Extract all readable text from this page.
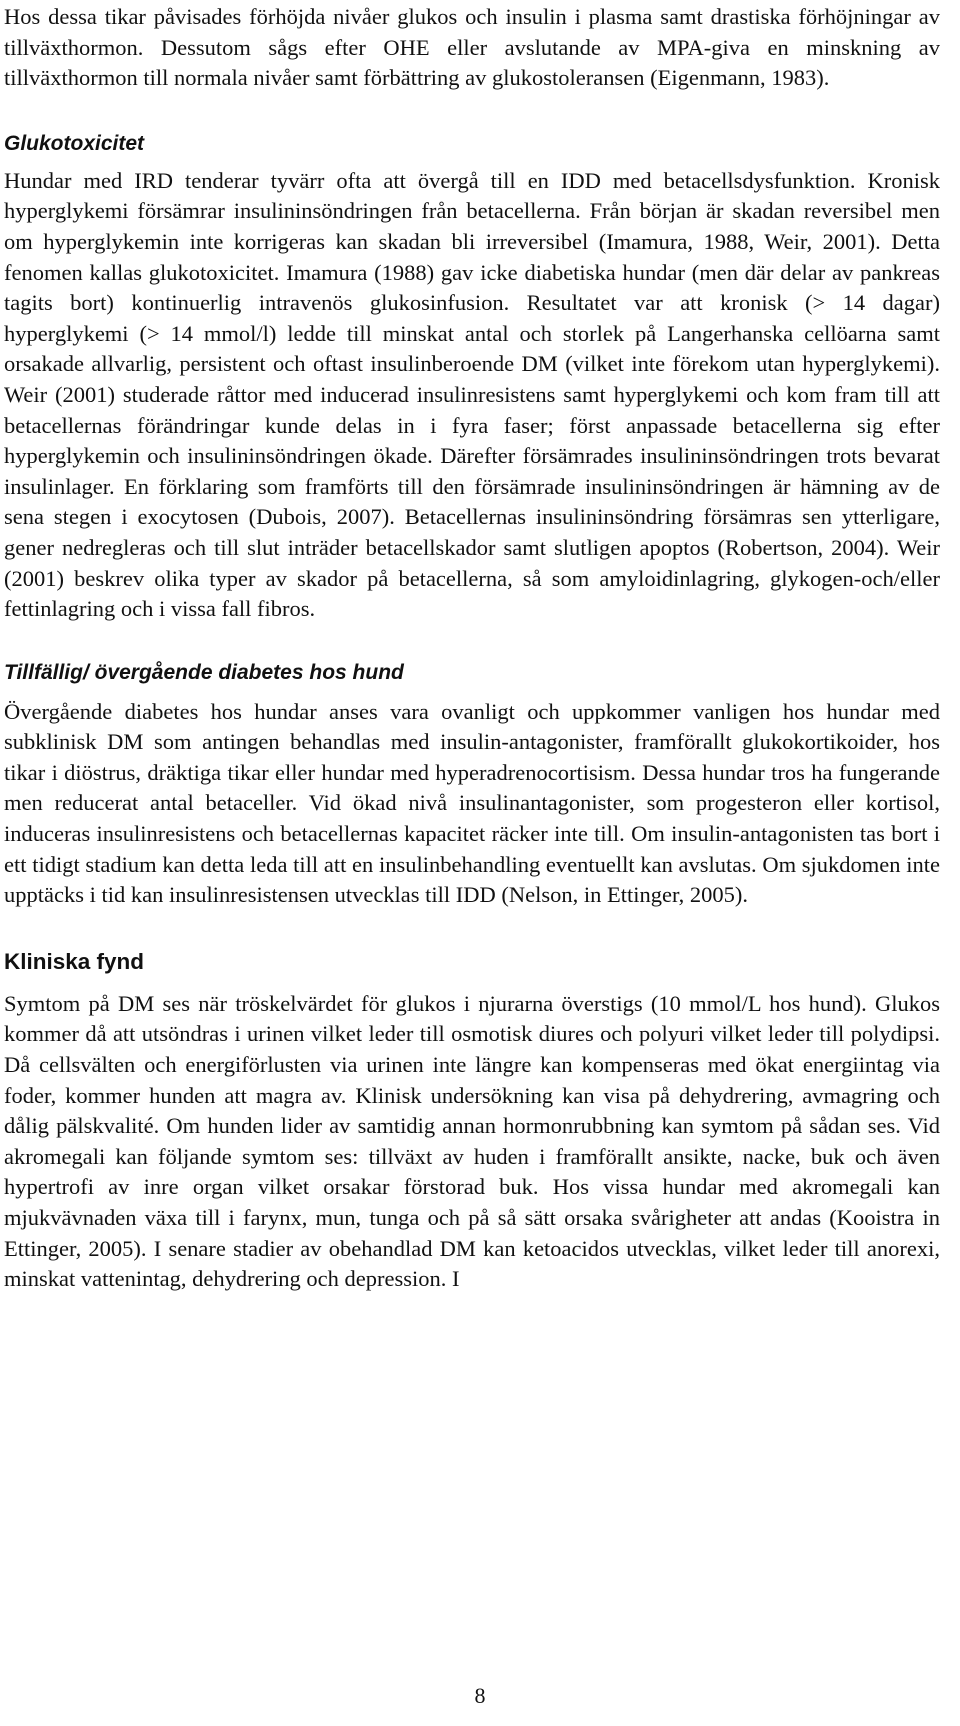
Hos dessa tikar påvisades förhöjda nivåer glukos och insulin i plasma samt drastiska förhöjningar av tillväxthormon. Dessutom sågs efter OHE eller avslutande av MPA-giva en minskning av tillväxthormon till normala nivåer samt förbättring av glukostoleransen (Eigenmann, 1983).

Glukotoxicitet

Hundar med IRD tenderar tyvärr ofta att övergå till en IDD med betacellsdysfunktion. Kronisk hyperglykemi försämrar insulininsöndringen från betacellerna. Från början är skadan reversibel men om hyperglykemin inte korrigeras kan skadan bli irreversibel (Imamura, 1988, Weir, 2001). Detta fenomen kallas glukotoxicitet. Imamura (1988) gav icke diabetiska hundar (men där delar av pankreas tagits bort) kontinuerlig intravenös glukosinfusion. Resultatet var att kronisk (> 14 dagar) hyperglykemi (> 14 mmol/l) ledde till minskat antal och storlek på Langerhanska cellöarna samt orsakade allvarlig, persistent och oftast insulinberoende DM (vilket inte förekom utan hyperglykemi). Weir (2001) studerade råttor med inducerad insulinresistens samt hyperglykemi och kom fram till att betacellernas förändringar kunde delas in i fyra faser; först anpassade betacellerna sig efter hyperglykemin och insulininsöndringen ökade. Därefter försämrades insulininsöndringen trots bevarat insulinlager. En förklaring som framförts till den försämrade insulininsöndringen är hämning av de sena stegen i exocytosen (Dubois, 2007). Betacellernas insulininsöndring försämras sen ytterligare, gener nedregleras och till slut inträder betacellskador samt slutligen apoptos (Robertson, 2004). Weir (2001) beskrev olika typer av skador på betacellerna, så som amyloidinlagring, glykogen-och/eller fettinlagring och i vissa fall fibros.

Tillfällig/ övergående diabetes hos hund

Övergående diabetes hos hundar anses vara ovanligt och uppkommer vanligen hos hundar med subklinisk DM som antingen behandlas med insulin-antagonister, framförallt glukokortikoider, hos tikar i diöstrus, dräktiga tikar eller hundar med hyperadrenocortisism. Dessa hundar tros ha fungerande men reducerat antal betaceller. Vid ökad nivå insulinantagonister, som progesteron eller kortisol, induceras insulinresistens och betacellernas kapacitet räcker inte till. Om insulin-antagonisten tas bort i ett tidigt stadium kan detta leda till att en insulinbehandling eventuellt kan avslutas. Om sjukdomen inte upptäcks i tid kan insulinresistensen utvecklas till IDD (Nelson, in Ettinger, 2005).

Kliniska fynd

Symtom på DM ses när tröskelvärdet för glukos i njurarna överstigs (10 mmol/L hos hund). Glukos kommer då att utsöndras i urinen vilket leder till osmotisk diures och polyuri vilket leder till polydipsi. Då cellsvälten och energiförlusten via urinen inte längre kan kompenseras med ökat energiintag via foder, kommer hunden att magra av. Klinisk undersökning kan visa på dehydrering, avmagring och dålig pälskvalité. Om hunden lider av samtidig annan hormonrubbning kan symtom på sådan ses. Vid akromegali kan följande symtom ses: tillväxt av huden i framförallt ansikte, nacke, buk och även hypertrofi av inre organ vilket orsakar förstorad buk. Hos vissa hundar med akromegali kan mjukvävnaden växa till i farynx, mun, tunga och på så sätt orsaka svårigheter att andas (Kooistra in Ettinger, 2005). I senare stadier av obehandlad DM kan ketoacidos utvecklas, vilket leder till anorexi, minskat vattenintag, dehydrering och depression. I

8
